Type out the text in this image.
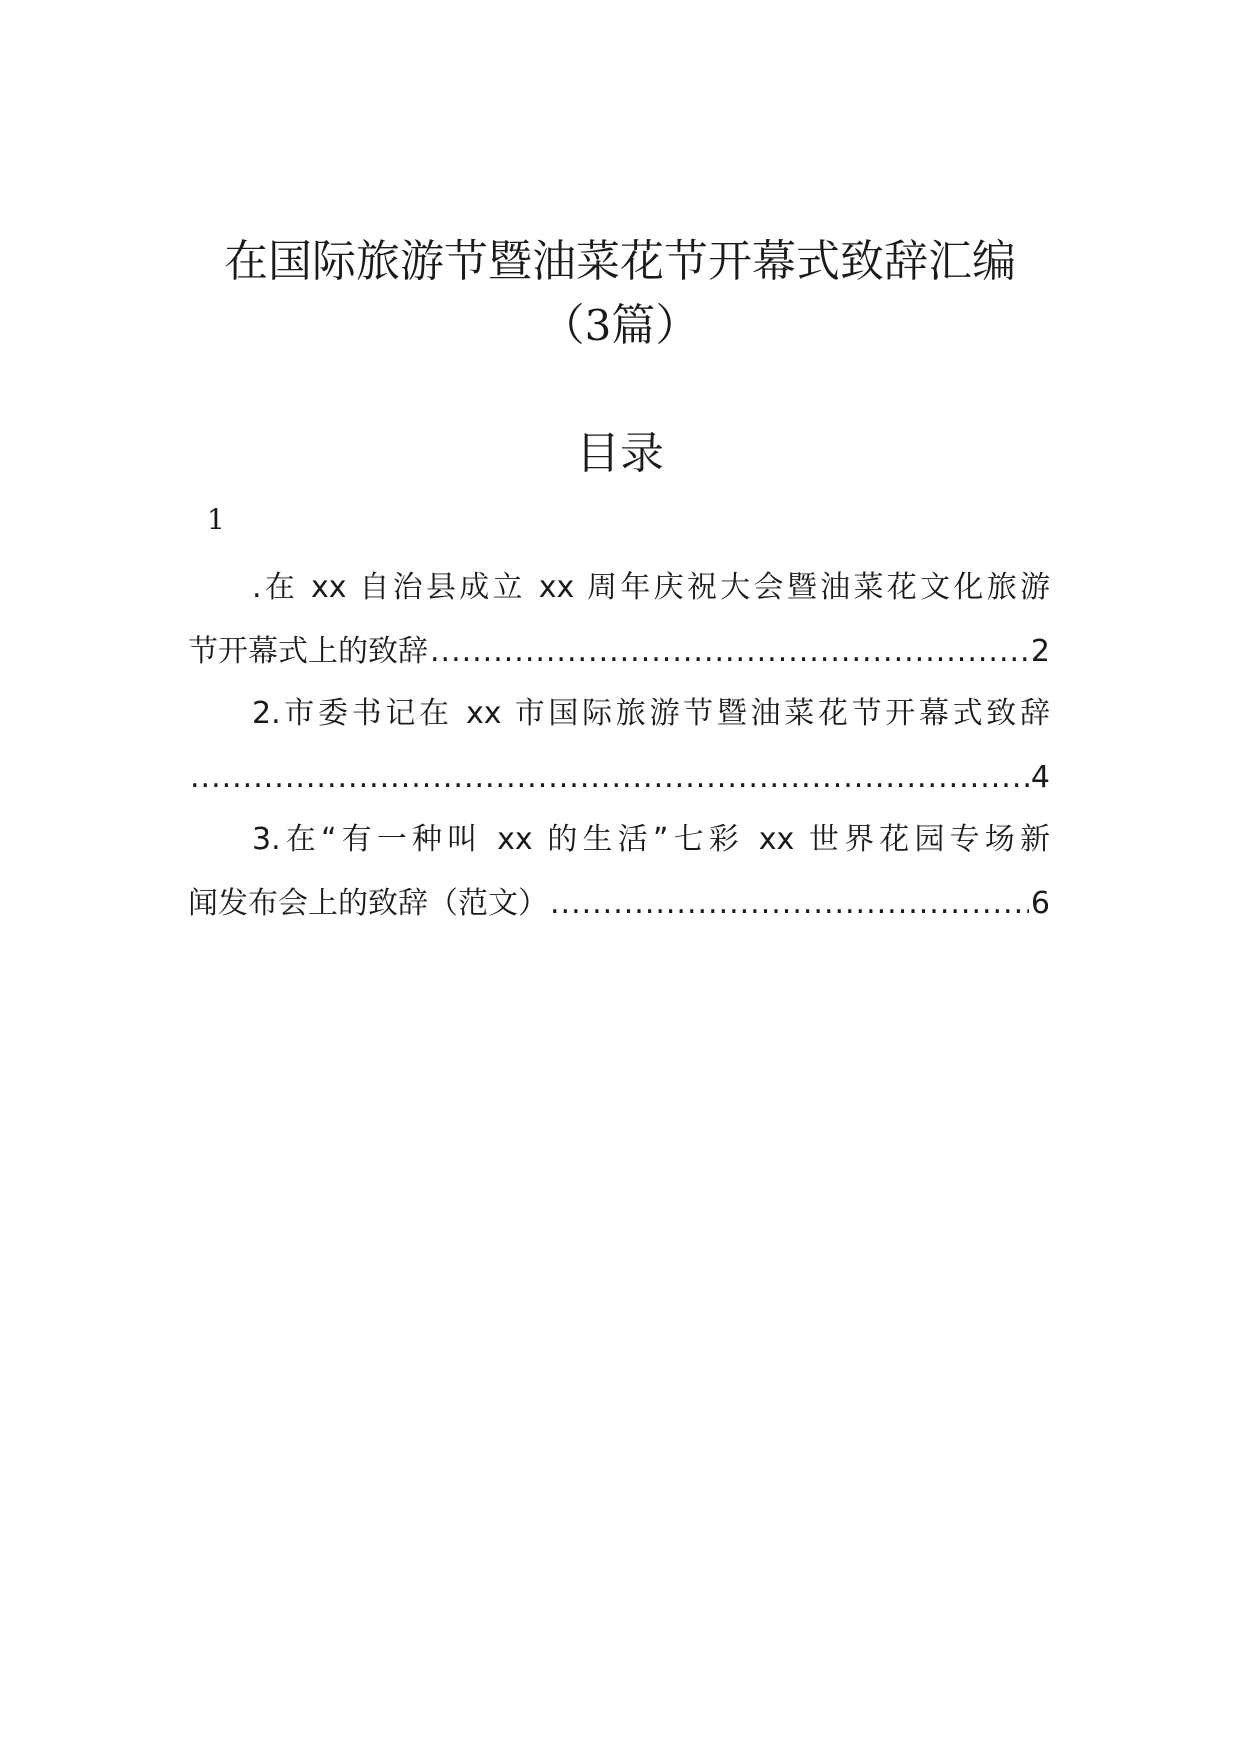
在国际旅游节暨油菜花节开幕式致辞汇编
（3篇）
目录
1
.在 xx 自治县成立 xx 周年庆祝大会暨油菜花文化旅游
节开幕式上的致辞 .....	2
2.市委书记在 xx 市国际旅游节暨油菜花节开幕式致辞
.....
4
3.在“有一种叫 xx 的生活”七彩 xx 世界花园专场新
闻发布会上的致辞（范文） .....	6
